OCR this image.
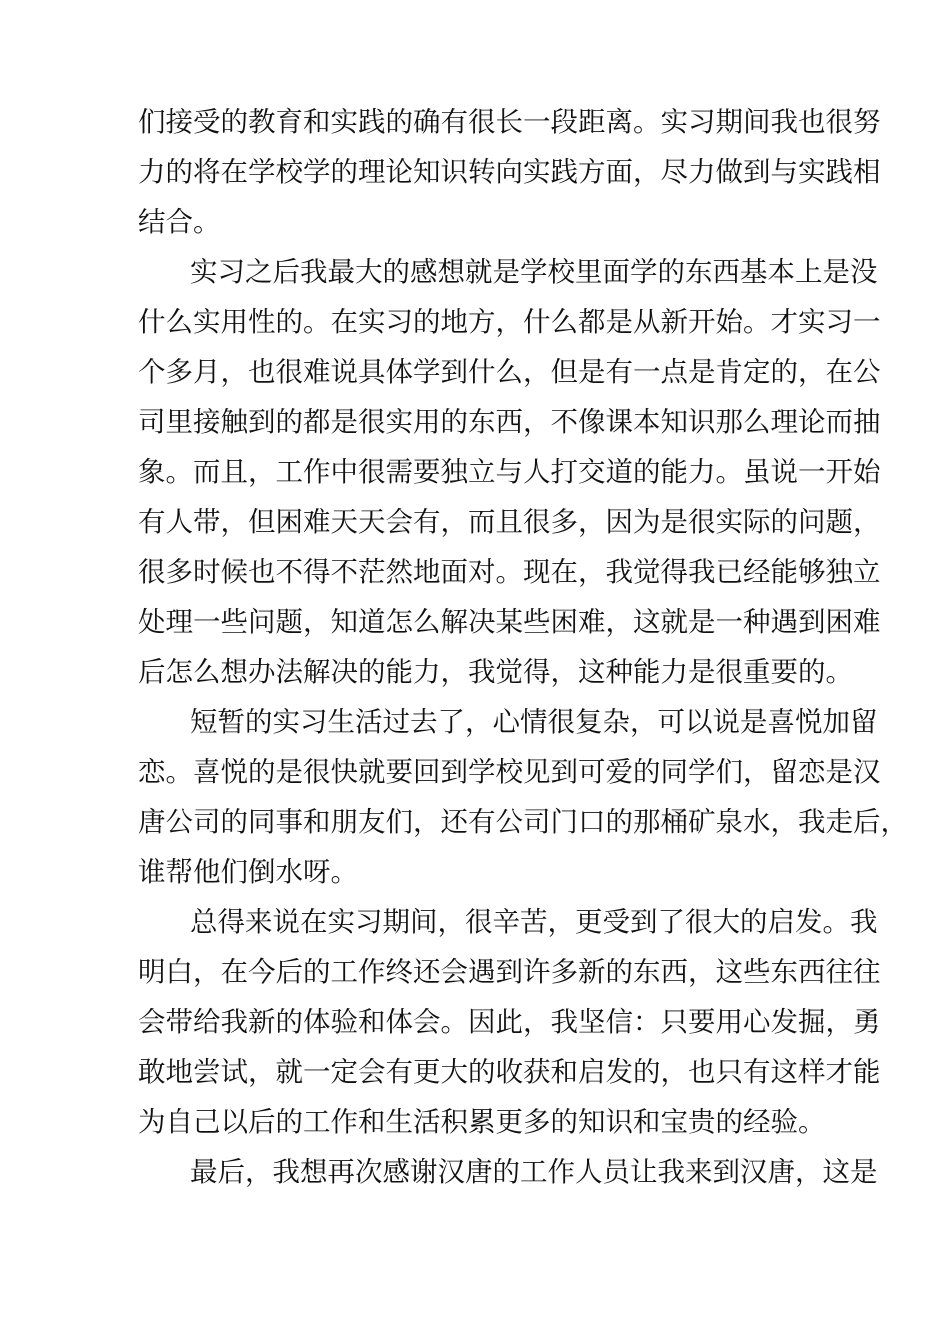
们接受的教育和实践的确有很长一段距离。实习期间我也很努
力的将在学校学的理论知识转向实践方面，尽力做到与实践相
结合。
实习之后我最大的感想就是学校里面学的东西基本上是没
什么实用性的。在实习的地方，什么都是从新开始。才实习一
个多月，也很难说具体学到什么，但是有一点是肯定的，在公
司里接触到的都是很实用的东西，不像课本知识那么理论而抽
象。而且，工作中很需要独立与人打交道的能力。虽说一开始
有人带，但困难天天会有，而且很多，因为是很实际的问题，
很多时候也不得不茫然地面对。现在，我觉得我已经能够独立
处理一些问题，知道怎么解决某些困难，这就是一种遇到困难
后怎么想办法解决的能力，我觉得，这种能力是很重要的。
短暂的实习生活过去了，心情很复杂，可以说是喜悦加留
恋。喜悦的是很快就要回到学校见到可爱的同学们，留恋是汉
唐公司的同事和朋友们，还有公司门口的那桶矿泉水，我走后，
谁帮他们倒水呀。
总得来说在实习期间，很辛苦，更受到了很大的启发。我
明白，在今后的工作终还会遇到许多新的东西，这些东西往往
会带给我新的体验和体会。因此，我坚信：只要用心发掘，勇
敢地尝试，就一定会有更大的收获和启发的，也只有这样才能
为自己以后的工作和生活积累更多的知识和宝贵的经验。
最后，我想再次感谢汉唐的工作人员让我来到汉唐，这是
